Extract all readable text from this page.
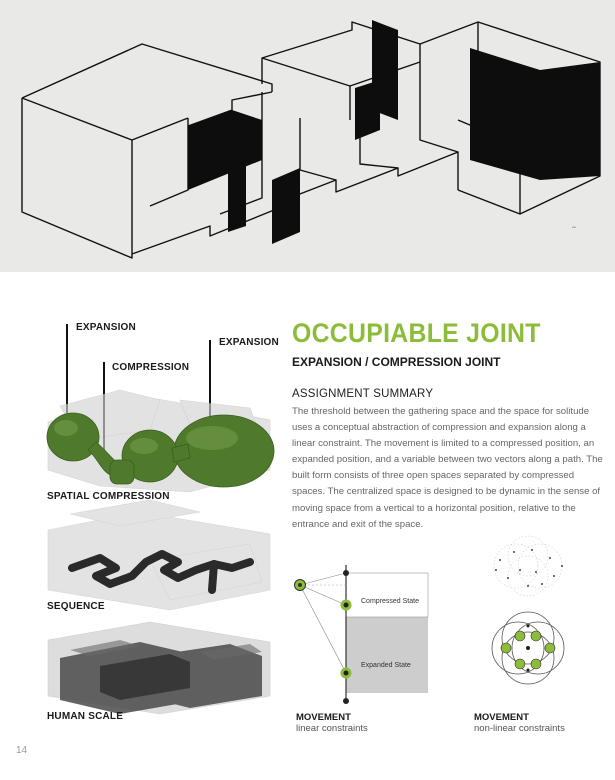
~
EXPANSION
COMPRESSION
EXPANSION
SPATIAL COMPRESSION
SEQUENCE
HUMAN SCALE
OCCUPIABLE JOINT
EXPANSION / COMPRESSION JOINT
ASSIGNMENT SUMMARY
The threshold between the gathering space and the space for solitude uses a conceptual abstraction of compression and expansion along a linear constraint. The movement is limited to a compressed position, an expanded position, and a variable between two vectors along a path. The built form consists of three open spaces separated by compressed spaces. The centralized space is designed to be dynamic in the sense of moving space from a vertical to a horizontal position, relative to the entrance and exit of the space.
Compressed State
Expanded State
MOVEMENT
linear constraints
MOVEMENT
non-linear constraints
14
